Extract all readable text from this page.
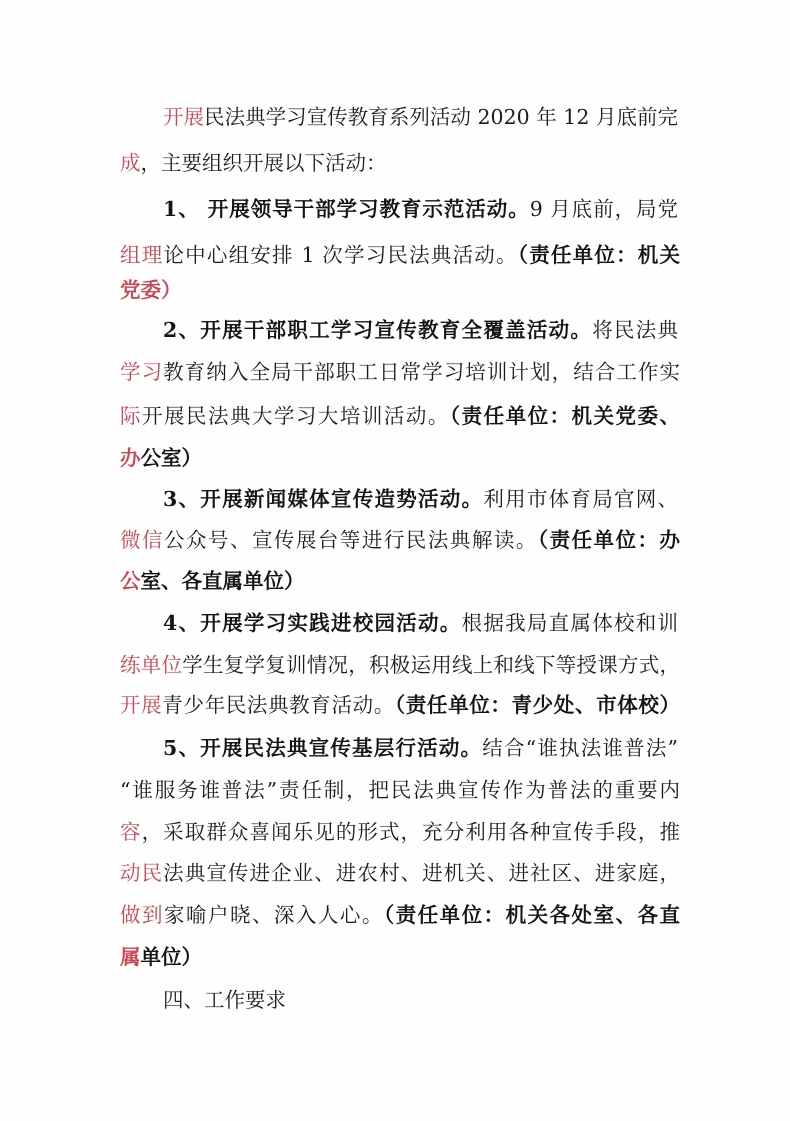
开展民法典学习宣传教育系列活动 2020 年 12 月底前完
成，主要组织开展以下活动：
1、 开展领导干部学习教育示范活动。9 月底前，局党
组理论中心组安排 1 次学习民法典活动。（责任单位：机关
党委）
2、开展干部职工学习宣传教育全覆盖活动。将民法典
学习教育纳入全局干部职工日常学习培训计划，结合工作实
际开展民法典大学习大培训活动。（责任单位：机关党委、
办公室）
3、开展新闻媒体宣传造势活动。利用市体育局官网、
微信公众号、宣传展台等进行民法典解读。（责任单位：办
公室、各直属单位）
4、开展学习实践进校园活动。根据我局直属体校和训
练单位学生复学复训情况，积极运用线上和线下等授课方式，
开展青少年民法典教育活动。（责任单位：青少处、市体校）
5、开展民法典宣传基层行活动。结合“谁执法谁普法”
“谁服务谁普法”责任制，把民法典宣传作为普法的重要内
容，采取群众喜闻乐见的形式，充分利用各种宣传手段，推
动民法典宣传进企业、进农村、进机关、进社区、进家庭，
做到家喻户晓、深入人心。（责任单位：机关各处室、各直
属单位）
四、工作要求
